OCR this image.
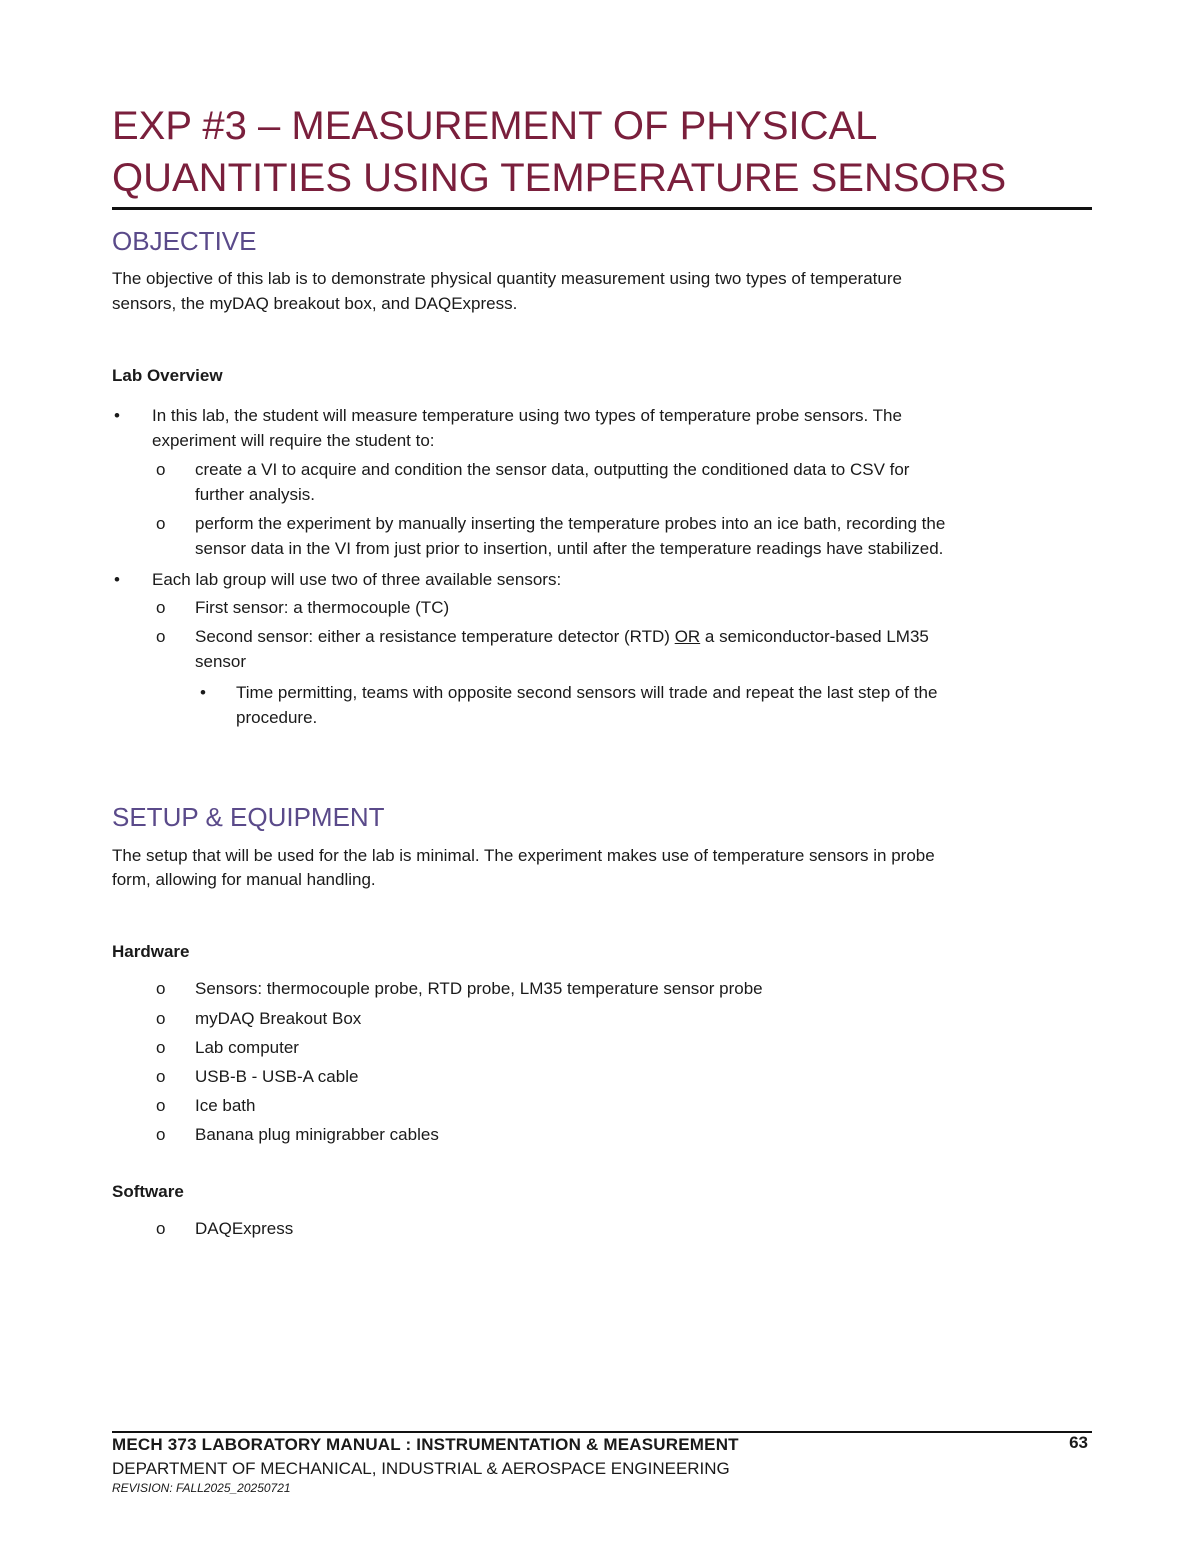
EXP #3 – MEASUREMENT OF PHYSICAL
QUANTITIES USING TEMPERATURE SENSORS
OBJECTIVE

The objective of this lab is to demonstrate physical quantity measurement using two types of temperature

sensors, the myDAQ breakout box, and DAQExpress.

Lab Overview
• In this lab, the student will measure temperature using two types of temperature probe sensors. The
experiment will require the student to:
o create a VI to acquire and condition the sensor data, outputting the conditioned data to CSV for
further analysis.
o perform the experiment by manually inserting the temperature probes into an ice bath, recording the
sensor data in the VI from just prior to insertion, until after the temperature readings have stabilized.
• Each lab group will use two of three available sensors:
o First sensor: a thermocouple (TC)
o Second sensor: either a resistance temperature detector (RTD) OR a semiconductor-based LM35
sensor
• Time permitting, teams with opposite second sensors will trade and repeat the last step of the
procedure.
SETUP & EQUIPMENT

The setup that will be used for the lab is minimal. The experiment makes use of temperature sensors in probe

form, allowing for manual handling.

Hardware
o Sensors: thermocouple probe, RTD probe, LM35 temperature sensor probe
o myDAQ Breakout Box
o Lab computer
o USB-B - USB-A cable
o Ice bath
o Banana plug minigrabber cables
Software
o DAQExpress
MECH 373 LABORATORY MANUAL : INSTRUMENTATION & MEASUREMENT	63
DEPARTMENT OF MECHANICAL, INDUSTRIAL & AEROSPACE ENGINEERING
REVISION: FALL2025_20250721
